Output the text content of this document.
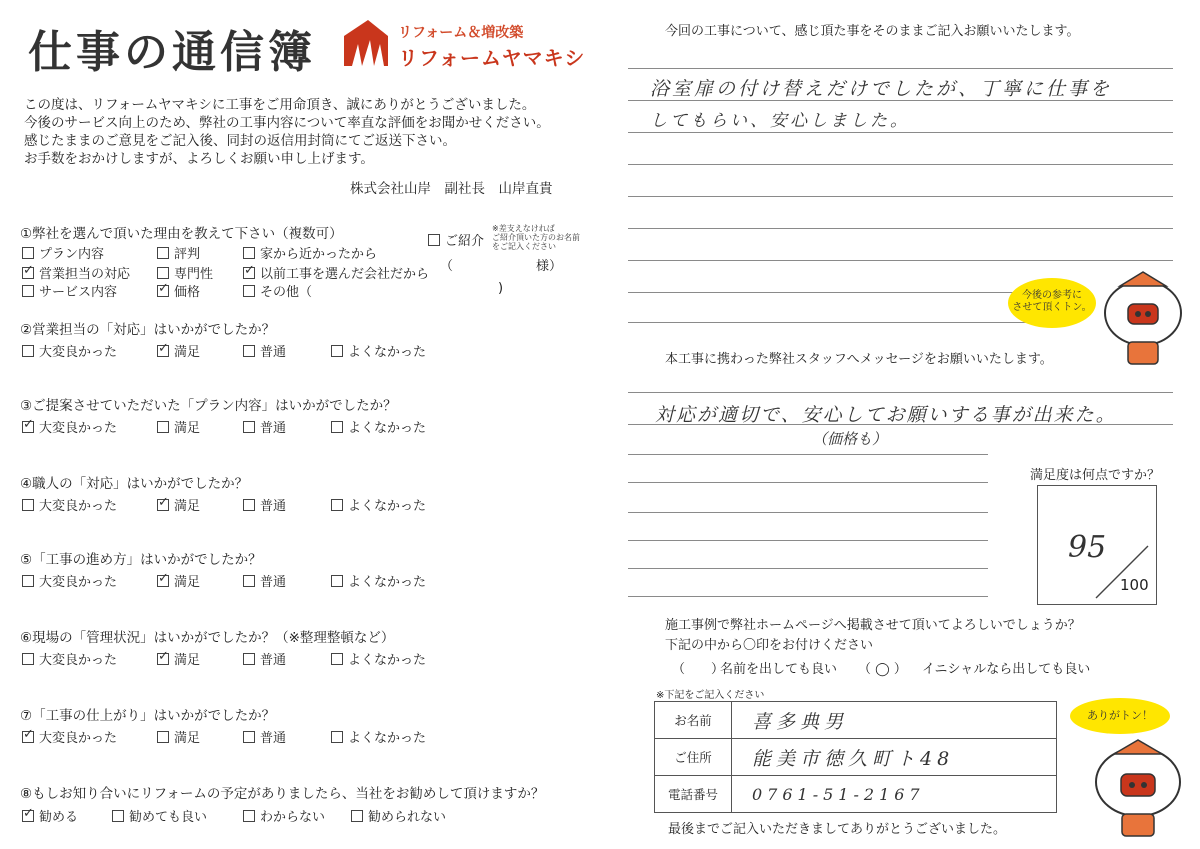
仕事の通信簿	リフォーム＆増改築
リフォームヤマキシ
この度は、リフォームヤマキシに工事をご用命頂き、誠にありがとうございました。
今後のサービス向上のため、弊社の工事内容について率直な評価をお聞かせください。
感じたままのご意見をご記入後、同封の返信用封筒にてご返送下さい。
お手数をおかけしますが、よろしくお願い申し上げます。
株式会社山岸　副社長　山岸直貴
①弊社を選んで頂いた理由を教えて下さい（複数可）
プラン内容	評判	家から近かったから
✓
営業担当の対応	専門性 ✓	以前工事を選んだ会社だから
サービス内容 ✓	価格	その他（	)
ご紹介
※差支えなければ
ご紹介頂いた方のお名前
をご記入ください
（	様）
②営業担当の「対応」はいかがでしたか？
大変良かった ✓	満足	普通	よくなかった
③ご提案させていただいた「プラン内容」はいかがでしたか？
✓
大変良かった	満足	普通	よくなかった
④職人の「対応」はいかがでしたか？
大変良かった ✓	満足	普通	よくなかった
⑤「工事の進め方」はいかがでしたか？
大変良かった ✓	満足	普通	よくなかった
⑥現場の「管理状況」はいかがでしたか？（※整理整頓など）
大変良かった ✓	満足	普通	よくなかった
⑦「工事の仕上がり」はいかがでしたか？
✓
大変良かった	満足	普通	よくなかった
⑧もしお知り合いにリフォームの予定がありましたら、当社をお勧めして頂けますか？
✓
勧める	勧めても良い	わからない	勧められない
今回の工事について、感じ頂た事をそのままご記入お願いいたします。
浴室扉の付け替えだけでしたが、丁寧に仕事を
してもらい、安心しました。
今後の参考に
させて頂くトン。
本工事に携わった弊社スタッフへメッセージをお願いいたします。
対応が適切で、安心してお願いする事が出来た。
（価格も）
満足度は何点ですか？
95
100
施工事例で弊社ホームページへ掲載させて頂いてよろしいでしょうか？
下記の中から〇印をお付けください
（　　）
名前を出しても良い （ ◯ ） イニシャルなら出しても良い
※下記をご記入ください
お名前	喜多典男
ご住所	能美市徳久町ト48
電話番号	0761-51-2167
ありがトン！
最後までご記入いただきましてありがとうございました。
